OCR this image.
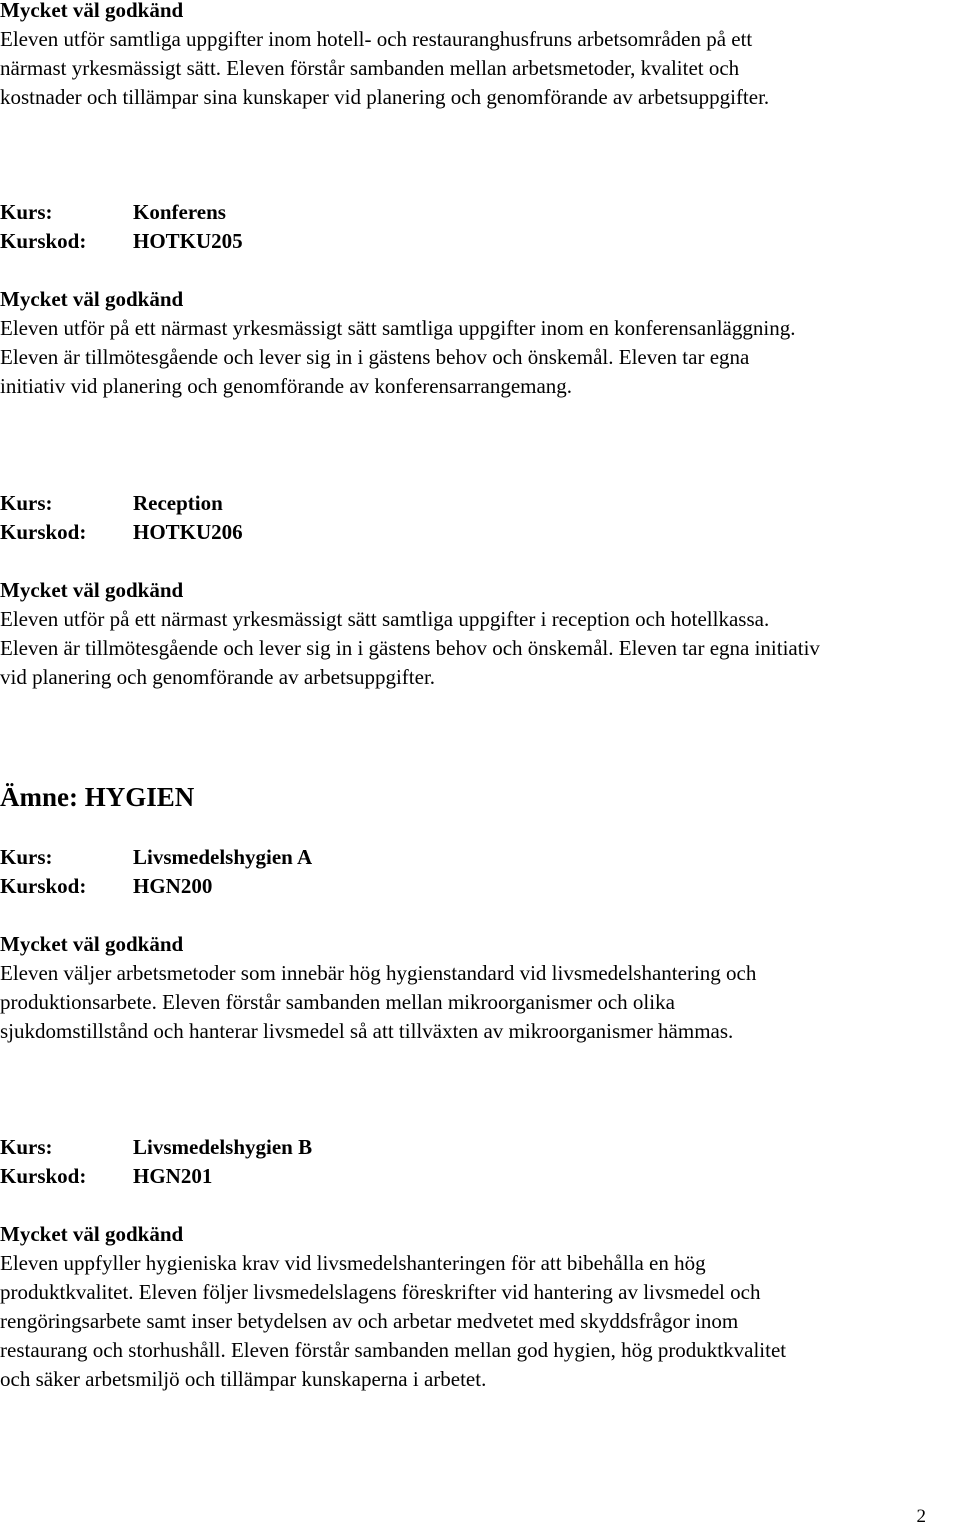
Mycket väl godkänd

Eleven utför samtliga uppgifter inom hotell- och restauranghusfruns arbetsområden på ett
närmast yrkesmässigt sätt. Eleven förstår sambanden mellan arbetsmetoder, kvalitet och
kostnader och tillämpar sina kunskaper vid planering och genomförande av arbetsuppgifter.

Kurs:	Konferens
Kurskod:	HOTKU205

Mycket väl godkänd

Eleven utför på ett närmast yrkesmässigt sätt samtliga uppgifter inom en konferensanläggning.
Eleven är tillmötesgående och lever sig in i gästens behov och önskemål. Eleven tar egna
initiativ vid planering och genomförande av konferensarrangemang.

Kurs:	Reception
Kurskod:	HOTKU206

Mycket väl godkänd

Eleven utför på ett närmast yrkesmässigt sätt samtliga uppgifter i reception och hotellkassa.
Eleven är tillmötesgående och lever sig in i gästens behov och önskemål. Eleven tar egna initiativ
vid planering och genomförande av arbetsuppgifter.

Ämne: HYGIEN
Kurs:	Livsmedelshygien A
Kurskod:	HGN200

Mycket väl godkänd

Eleven väljer arbetsmetoder som innebär hög hygienstandard vid livsmedelshantering och
produktionsarbete. Eleven förstår sambanden mellan mikroorganismer och olika
sjukdomstillstånd och hanterar livsmedel så att tillväxten av mikroorganismer hämmas.

Kurs:	Livsmedelshygien B
Kurskod:	HGN201

Mycket väl godkänd

Eleven uppfyller hygieniska krav vid livsmedelshanteringen för att bibehålla en hög
produktkvalitet. Eleven följer livsmedelslagens föreskrifter vid hantering av livsmedel och
rengöringsarbete samt inser betydelsen av och arbetar medvetet med skyddsfrågor inom
restaurang och storhushåll. Eleven förstår sambanden mellan god hygien, hög produktkvalitet
och säker arbetsmiljö och tillämpar kunskaperna i arbetet.

2
